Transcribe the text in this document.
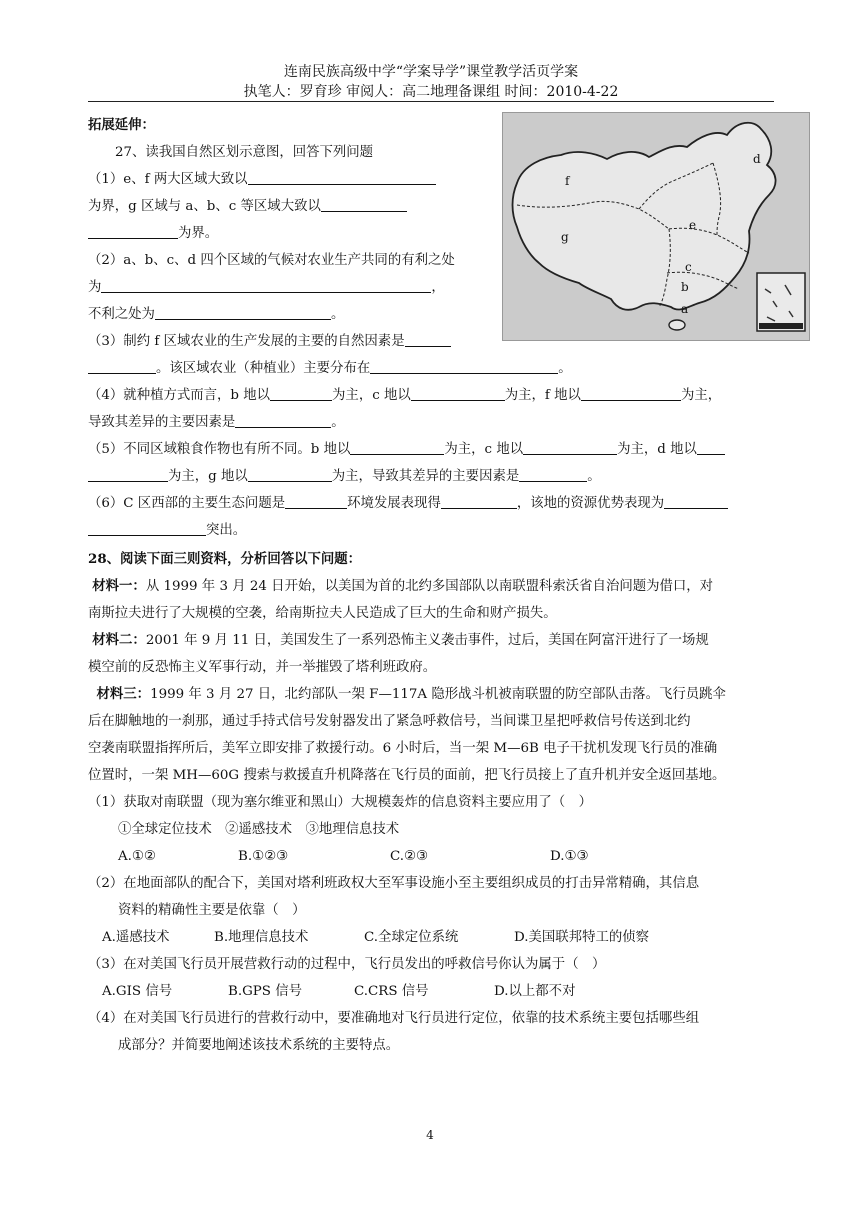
连南民族高级中学“学案导学”课堂教学活页学案
执笔人：罗育珍 审阅人：高二地理备课组 时间：2010-4-22
d
f
e
g
c
b
a
拓展延伸：
27、读我国自然区划示意图，回答下列问题
（1）e、f 两大区域大致以
为界，g 区域与 a、b、c 等区域大致以
为界。
（2）a、b、c、d 四个区域的气候对农业生产共同的有利之处
为	，
不利之处为	。
（3）制约 f 区域农业的生产发展的主要的自然因素是
。该区域农业（种植业）主要分布在	。
（4）就种植方式而言，b 地以	为主，c 地以	为主，f 地以	为主，
导致其差异的主要因素是	。
（5）不同区域粮食作物也有所不同。b 地以	为主，c 地以	为主，d 地以
为主，g 地以	为主，导致其差异的主要因素是	。
（6）C 区西部的主要生态问题是	环境发展表现得	，该地的资源优势表现为
突出。
28、阅读下面三则资料，分析回答以下问题：
材料一：从 1999 年 3 月 24 日开始，以美国为首的北约多国部队以南联盟科索沃省自治问题为借口，对
南斯拉夫进行了大规模的空袭，给南斯拉夫人民造成了巨大的生命和财产损失。
材料二：2001 年 9 月 11 日，美国发生了一系列恐怖主义袭击事件，过后，美国在阿富汗进行了一场规
模空前的反恐怖主义军事行动，并一举摧毁了塔利班政府。
材料三：1999 年 3 月 27 日，北约部队一架 F—117A 隐形战斗机被南联盟的防空部队击落。飞行员跳伞
后在脚触地的一刹那，通过手持式信号发射器发出了紧急呼救信号，当间谍卫星把呼救信号传送到北约
空袭南联盟指挥所后，美军立即安排了救援行动。6 小时后，当一架 M—6B 电子干扰机发现飞行员的准确
位置时，一架 MH—60G 搜索与救援直升机降落在飞行员的面前，把飞行员接上了直升机并安全返回基地。
（1）获取对南联盟（现为塞尔维亚和黑山）大规模轰炸的信息资料主要应用了（　）
①全球定位技术　②遥感技术　③地理信息技术
A.①②	B.①②③	C.②③	D.①③
（2）在地面部队的配合下，美国对塔利班政权大至军事设施小至主要组织成员的打击异常精确，其信息
资料的精确性主要是依靠（　）
A.遥感技术	B.地理信息技术	C.全球定位系统	D.美国联邦特工的侦察
（3）在对美国飞行员开展营救行动的过程中，飞行员发出的呼救信号你认为属于（　）
A.GIS 信号	B.GPS 信号	C.CRS 信号	D.以上都不对
（4）在对美国飞行员进行的营救行动中，要准确地对飞行员进行定位，依靠的技术系统主要包括哪些组
成部分？并简要地阐述该技术系统的主要特点。
4
